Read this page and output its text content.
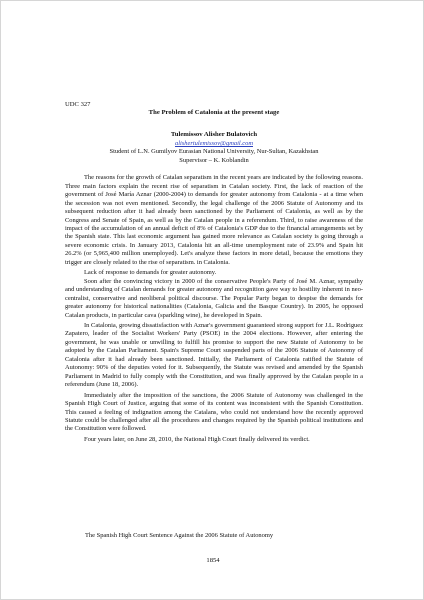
UDC 327

The Problem of Catalonia at the present stage

Tulemissov Alisher Bulatovich

alishertulemissov@gmail.com

Student of L.N. Gumilyov Eurasian National University, Nur-Sultan, Kazakhstan

Supervisor – K. Koblandin

The reasons for the growth of Catalan separatism in the recent years are indicated by the following reasons. Three main factors explain the recent rise of separatism in Catalan society. First, the lack of reaction of the government of José María Aznar (2000-2004) to demands for greater autonomy from Catalonia - at a time when the secession was not even mentioned. Secondly, the legal challenge of the 2006 Statute of Autonomy and its subsequent reduction after it had already been sanctioned by the Parliament of Catalonia, as well as by the Congress and Senate of Spain, as well as by the Catalan people in a referendum. Third, to raise awareness of the impact of the accumulation of an annual deficit of 8% of Catalonia's GDP due to the financial arrangements set by the Spanish state. This last economic argument has gained more relevance as Catalan society is going through a severe economic crisis. In January 2013, Catalonia hit an all-time unemployment rate of 23.9% and Spain hit 26.2% (or 5,965,400 million unemployed). Let's analyze these factors in more detail, because the emotions they trigger are closely related to the rise of separatism. in Catalonia.

Lack of response to demands for greater autonomy.

Soon after the convincing victory in 2000 of the conservative People's Party of José M. Aznar, sympathy and understanding of Catalan demands for greater autonomy and recognition gave way to hostility inherent in neo-centralist, conservative and neoliberal political discourse. The Popular Party began to despise the demands for greater autonomy for historical nationalities (Catalonia, Galicia and the Basque Country). In 2005, he opposed Catalan products, in particular cava (sparkling wine), he developed in Spain.

In Catalonia, growing dissatisfaction with Aznar's government guaranteed strong support for J.L. Rodriguez Zapatero, leader of the Socialist Workers' Party (PSOE) in the 2004 elections. However, after entering the government, he was unable or unwilling to fulfill his promise to support the new Statute of Autonomy to be adopted by the Catalan Parliament. Spain's Supreme Court suspended parts of the 2006 Statute of Autonomy of Catalonia after it had already been sanctioned. Initially, the Parliament of Catalonia ratified the Statute of Autonomy: 90% of the deputies voted for it. Subsequently, the Statute was revised and amended by the Spanish Parliament in Madrid to fully comply with the Constitution, and was finally approved by the Catalan people in a referendum (June 18, 2006).

Immediately after the imposition of the sanctions, the 2006 Statute of Autonomy was challenged in the Spanish High Court of Justice, arguing that some of its content was inconsistent with the Spanish Constitution. This caused a feeling of indignation among the Catalans, who could not understand how the recently approved Statute could be challenged after all the procedures and changes required by the Spanish political institutions and the Constitution were followed.

Four years later, on June 28, 2010, the National High Court finally delivered its verdict.

The Spanish High Court Sentence Against the 2006 Statute of Autonomy
1854
